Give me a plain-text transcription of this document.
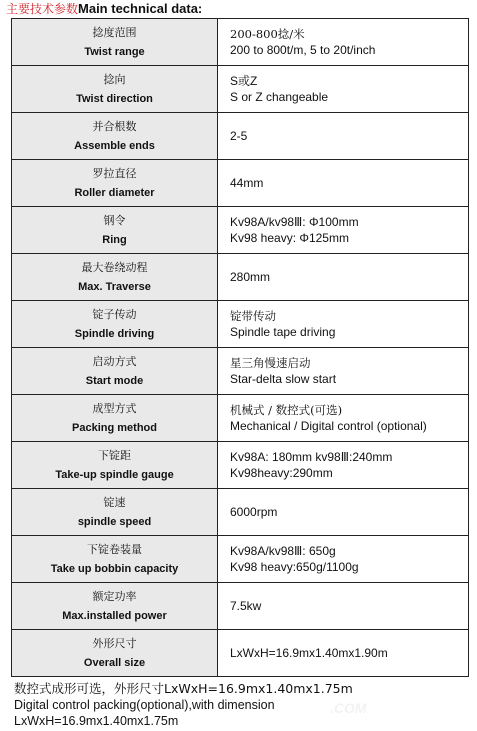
主要技术参数Main technical data:
捻度范围
Twist range	200-800捻/米
200 to 800t/m, 5 to 20t/inch

捻向
Twist direction	S或Z
S or Z changeable

并合根数
Assemble ends	2-5

罗拉直径
Roller diameter	44mm

钢令
Ring	Kv98A/kv98Ⅲ: Φ100mm
Kv98 heavy: Φ125mm

最大卷绕动程
Max. Traverse	280mm

锭子传动
Spindle driving	锭带传动
Spindle tape driving

启动方式
Start mode	星三角慢速启动
Star-delta slow start

成型方式
Packing method	机械式 / 数控式(可选)
Mechanical / Digital control (optional)

下锭距
Take-up spindle gauge	Kv98A: 180mm kv98Ⅲ:240mm
Kv98heavy:290mm

锭速
spindle speed	6000rpm

下锭卷装量
Take up bobbin capacity	Kv98A/kv98Ⅲ: 650g
Kv98 heavy:650g/1100g

额定功率
Max.installed power	7.5kw

外形尺寸
Overall size	LxWxH=16.9mx1.40mx1.90m
数控式成形可选，外形尺寸LxWxH=16.9mx1.40mx1.75m
Digital control packing(optional),with dimension
LxWxH=16.9mx1.40mx1.75m
.COM
